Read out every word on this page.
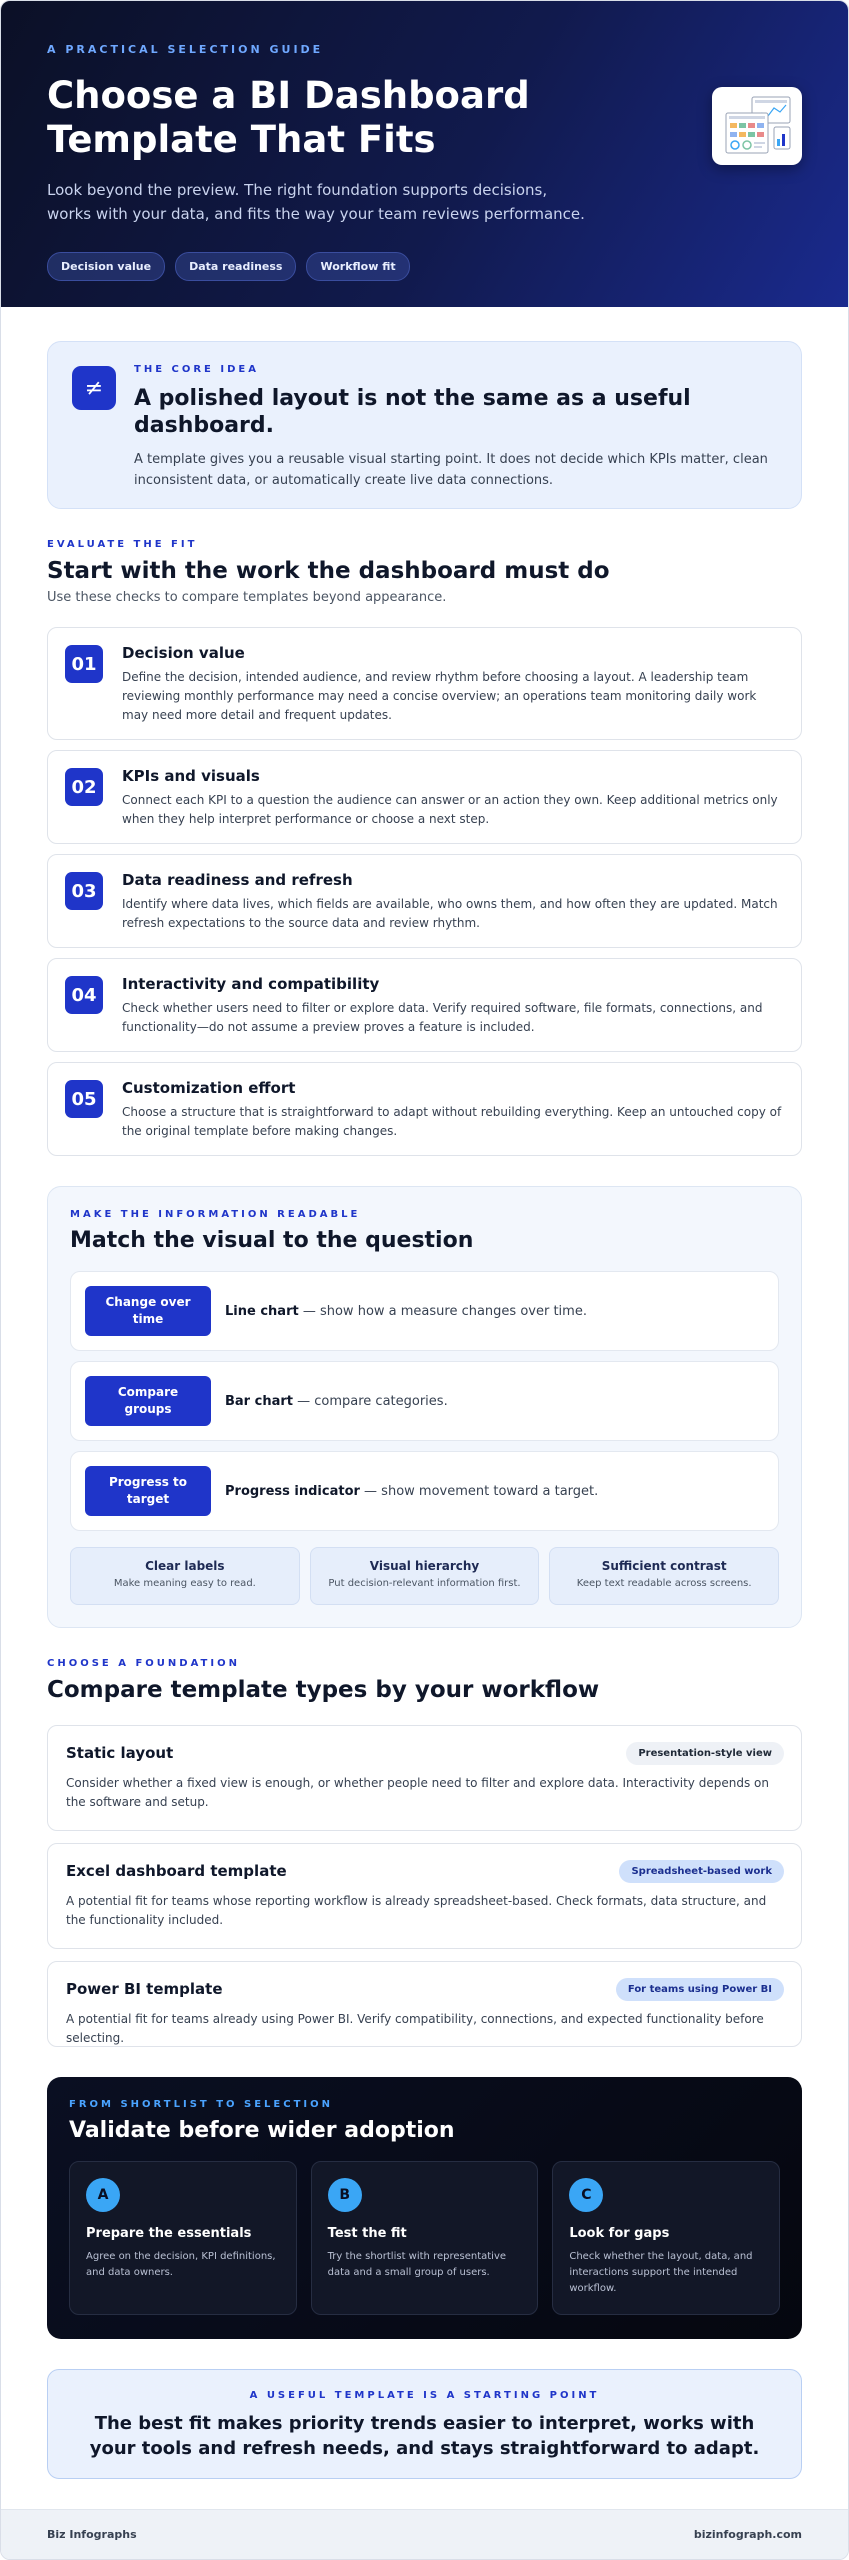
A PRACTICAL SELECTION GUIDE
Choose a BI Dashboard Template That Fits

Look beyond the preview. The right foundation supports decisions, works with your data, and fits the way your team reviews performance.

Decision value	Data readiness	Workflow fit
≠
THE CORE IDEA
A polished layout is not the same as a useful dashboard.

A template gives you a reusable visual starting point. It does not decide which KPIs matter, clean inconsistent data, or automatically create live data connections.

EVALUATE THE FIT
Start with the work the dashboard must do
Use these checks to compare templates beyond appearance.
01
Decision value

Define the decision, intended audience, and review rhythm before choosing a layout. A leadership team reviewing monthly performance may need a concise overview; an operations team monitoring daily work may need more detail and frequent updates.

02
KPIs and visuals

Connect each KPI to a question the audience can answer or an action they own. Keep additional metrics only when they help interpret performance or choose a next step.

03
Data readiness and refresh

Identify where data lives, which fields are available, who owns them, and how often they are updated. Match refresh expectations to the source data and review rhythm.

04
Interactivity and compatibility

Check whether users need to filter or explore data. Verify required software, file formats, connections, and functionality—do not assume a preview proves a feature is included.

05
Customization effort

Choose a structure that is straightforward to adapt without rebuilding everything. Keep an untouched copy of the original template before making changes.

MAKE THE INFORMATION READABLE
Match the visual to the question
Change over time
Line chart — show how a measure changes over time.
Compare groups
Bar chart — compare categories.
Progress to target
Progress indicator — show movement toward a target.
Clear labels
Make meaning easy to read.
Visual hierarchy
Put decision-relevant information first.
Sufficient contrast
Keep text readable across screens.
CHOOSE A FOUNDATION
Compare template types by your workflow
Static layout	Presentation-style view

Consider whether a fixed view is enough, or whether people need to filter and explore data. Interactivity depends on the software and setup.

Excel dashboard template	Spreadsheet-based work

A potential fit for teams whose reporting workflow is already spreadsheet-based. Check formats, data structure, and the functionality included.

Power BI template	For teams using Power BI

A potential fit for teams already using Power BI. Verify compatibility, connections, and expected functionality before selecting.

FROM SHORTLIST TO SELECTION
Validate before wider adoption
A
Prepare the essentials

Agree on the decision, KPI definitions, and data owners.

B
Test the fit

Try the shortlist with representative data and a small group of users.

C
Look for gaps

Check whether the layout, data, and interactions support the intended workflow.

A USEFUL TEMPLATE IS A STARTING POINT
The best fit makes priority trends easier to interpret, works with your tools and refresh needs, and stays straightforward to adapt.
Biz Infographs	bizinfograph.com
